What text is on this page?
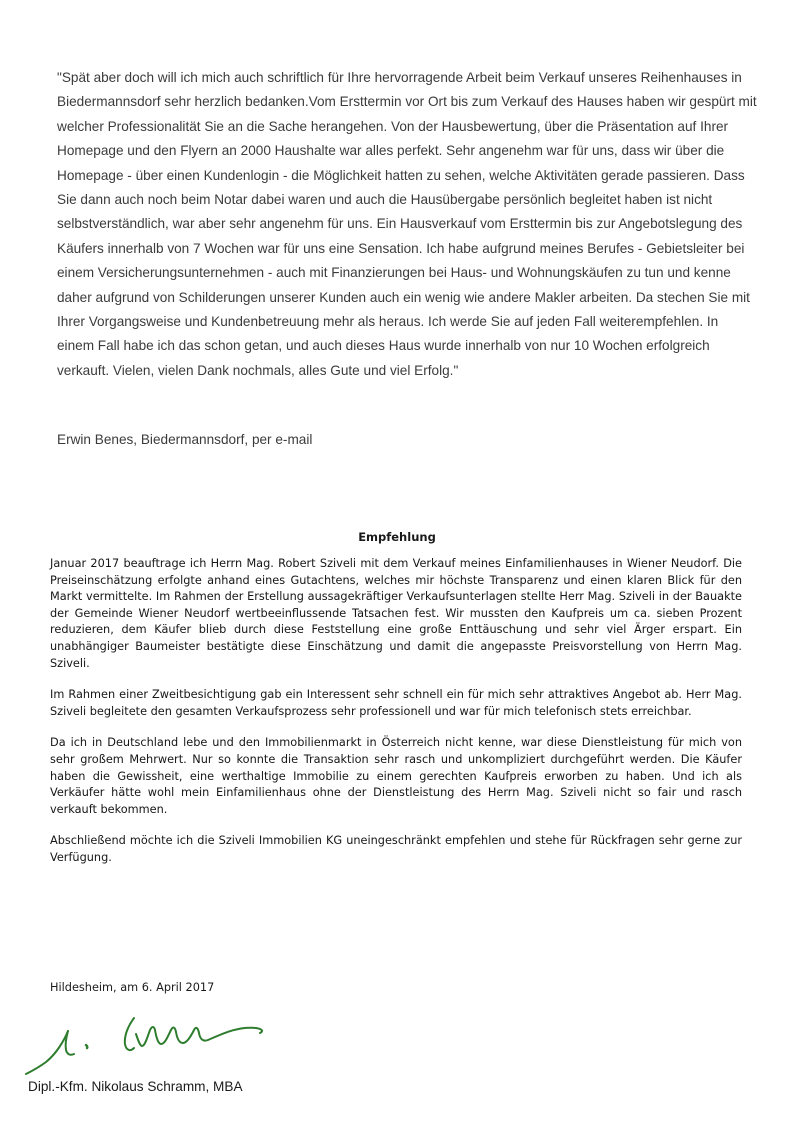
"Spät aber doch will ich mich auch schriftlich für Ihre hervorragende Arbeit beim Verkauf unseres Reihenhauses in Biedermannsdorf sehr herzlich bedanken.Vom Ersttermin vor Ort bis zum Verkauf des Hauses haben wir gespürt mit welcher Professionalität Sie an die Sache herangehen. Von der Hausbewertung, über die Präsentation auf Ihrer Homepage und den Flyern an 2000 Haushalte war alles perfekt. Sehr angenehm war für uns, dass wir über die Homepage - über einen Kundenlogin - die Möglichkeit hatten zu sehen, welche Aktivitäten gerade passieren. Dass Sie dann auch noch beim Notar dabei waren und auch die Hausübergabe persönlich begleitet haben ist nicht selbstverständlich, war aber sehr angenehm für uns. Ein Hausverkauf vom Ersttermin bis zur Angebotslegung des Käufers innerhalb von 7 Wochen war für uns eine Sensation. Ich habe aufgrund meines Berufes - Gebietsleiter bei einem Versicherungsunternehmen - auch mit Finanzierungen bei Haus- und Wohnungskäufen zu tun und kenne daher aufgrund von Schilderungen unserer Kunden auch ein wenig wie andere Makler arbeiten. Da stechen Sie mit Ihrer Vorgangsweise und Kundenbetreuung mehr als heraus. Ich werde Sie auf jeden Fall weiterempfehlen. In einem Fall habe ich das schon getan, und auch dieses Haus wurde innerhalb von nur 10 Wochen erfolgreich verkauft. Vielen, vielen Dank nochmals, alles Gute und viel Erfolg."

Erwin Benes, Biedermannsdorf, per e-mail
Empfehlung

Januar 2017 beauftrage ich Herrn Mag. Robert Sziveli mit dem Verkauf meines Einfamilienhauses in Wiener Neudorf. Die Preiseinschätzung erfolgte anhand eines Gutachtens, welches mir höchste Transparenz und einen klaren Blick für den Markt vermittelte. Im Rahmen der Erstellung aussagekräftiger Verkaufsunterlagen stellte Herr Mag. Sziveli in der Bauakte der Gemeinde Wiener Neudorf wertbeeinflussende Tatsachen fest. Wir mussten den Kaufpreis um ca. sieben Prozent reduzieren, dem Käufer blieb durch diese Feststellung eine große Enttäuschung und sehr viel Ärger erspart. Ein unabhängiger Baumeister bestätigte diese Einschätzung und damit die angepasste Preisvorstellung von Herrn Mag. Sziveli.

Im Rahmen einer Zweitbesichtigung gab ein Interessent sehr schnell ein für mich sehr attraktives Angebot ab. Herr Mag. Sziveli begleitete den gesamten Verkaufsprozess sehr professionell und war für mich telefonisch stets erreichbar.

Da ich in Deutschland lebe und den Immobilienmarkt in Österreich nicht kenne, war diese Dienstleistung für mich von sehr großem Mehrwert. Nur so konnte die Transaktion sehr rasch und unkompliziert durchgeführt werden. Die Käufer haben die Gewissheit, eine werthaltige Immobilie zu einem gerechten Kaufpreis erworben zu haben. Und ich als Verkäufer hätte wohl mein Einfamilienhaus ohne der Dienstleistung des Herrn Mag. Sziveli nicht so fair und rasch verkauft bekommen.

Abschließend möchte ich die Sziveli Immobilien KG uneingeschränkt empfehlen und stehe für Rückfragen sehr gerne zur Verfügung.

Hildesheim, am 6. April 2017
Dipl.-Kfm. Nikolaus Schramm, MBA
